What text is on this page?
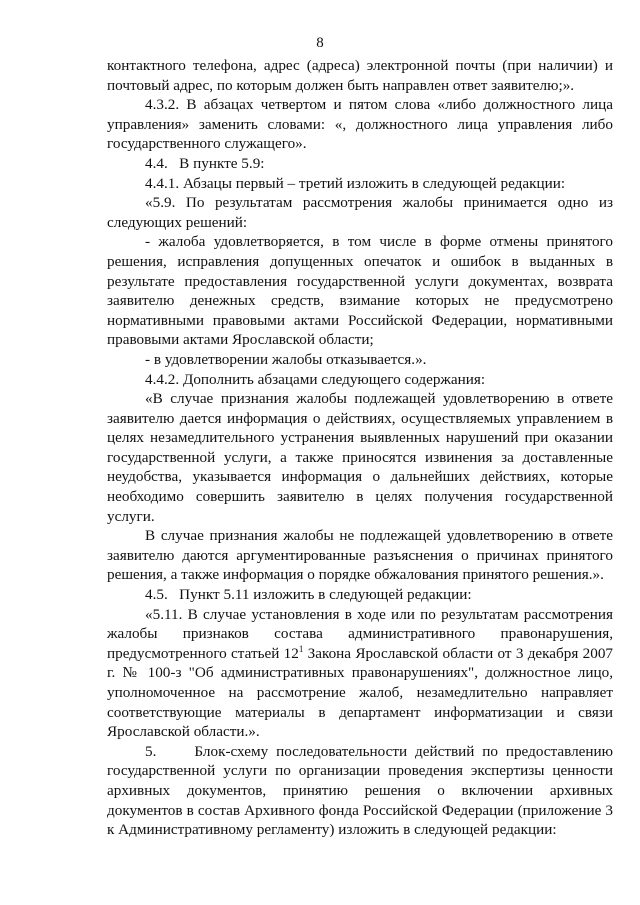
8

контактного телефона, адрес (адреса) электронной почты (при наличии) и почтовый адрес, по которым должен быть направлен ответ заявителю;».

4.3.2. В абзацах четвертом и пятом слова «либо должностного лица управления» заменить словами: «, должностного лица управления либо государственного служащего».

4.4.   В пункте 5.9:

4.4.1. Абзацы первый – третий изложить в следующей редакции:

«5.9. По результатам рассмотрения жалобы принимается одно из следующих решений:

- жалоба удовлетворяется, в том числе в форме отмены принятого решения, исправления допущенных опечаток и ошибок в выданных в результате предоставления государственной услуги документах, возврата заявителю денежных средств, взимание которых не предусмотрено нормативными правовыми актами Российской Федерации, нормативными правовыми актами Ярославской области;

- в удовлетворении жалобы отказывается.».

4.4.2. Дополнить абзацами следующего содержания:

«В случае признания жалобы подлежащей удовлетворению в ответе заявителю дается информация о действиях, осуществляемых управлением в целях незамедлительного устранения выявленных нарушений при оказании государственной услуги, а также приносятся извинения за доставленные неудобства, указывается информация о дальнейших действиях, которые необходимо совершить заявителю в целях получения государственной услуги.

В случае признания жалобы не подлежащей удовлетворению в ответе заявителю даются аргументированные разъяснения о причинах принятого решения, а также информация о порядке обжалования принятого решения.».

4.5.   Пункт 5.11 изложить в следующей редакции:

«5.11. В случае установления в ходе или по результатам рассмотрения жалобы признаков состава административного правонарушения, предусмотренного статьей $12^1$ Закона Ярославской области от 3 декабря 2007 г. № 100-з "Об административных правонарушениях", должностное лицо, уполномоченное на рассмотрение жалоб, незамедлительно направляет соответствующие материалы в департамент информатизации и связи Ярославской области.».

5.	Блок-схему последовательности действий по предоставлению государственной услуги по организации проведения экспертизы ценности архивных документов, принятию решения о включении архивных документов в состав Архивного фонда Российской Федерации (приложение 3 к Административному регламенту) изложить в следующей редакции:
